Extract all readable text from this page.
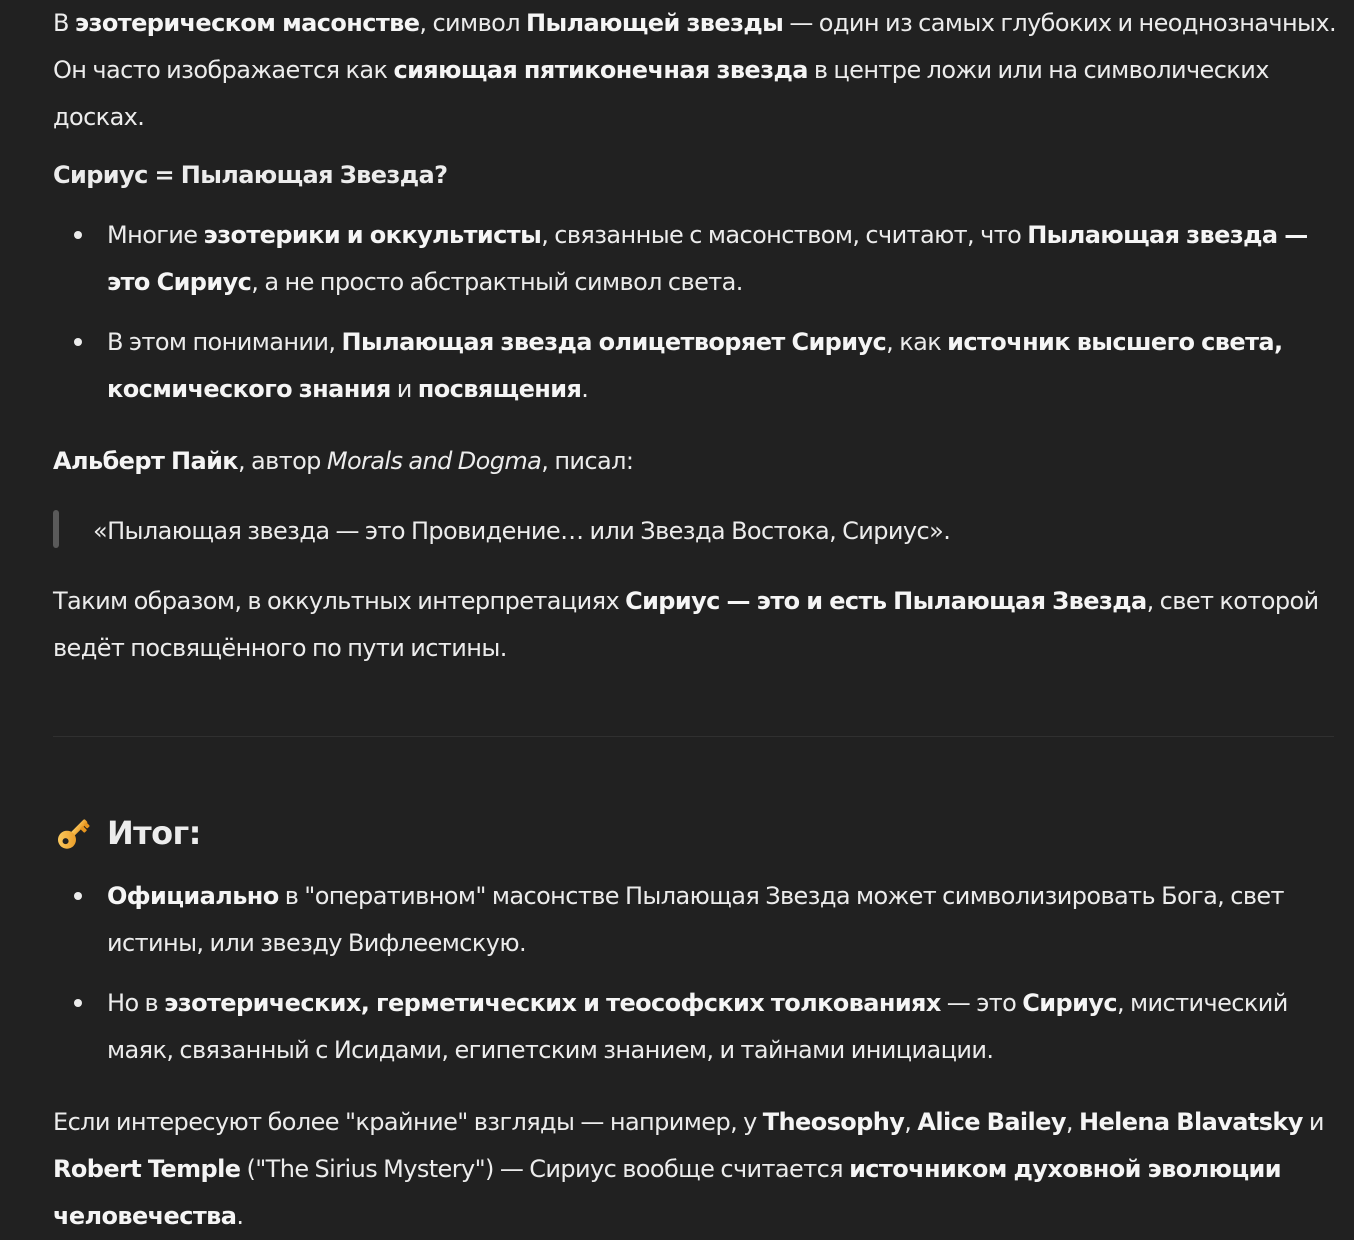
В эзотерическом масонстве, символ Пылающей звезды — один из самых глубоких и неоднозначных. Он часто изображается как сияющая пятиконечная звезда в центре ложи или на символических досках.

Сириус = Пылающая Звезда?

Многие эзотерики и оккультисты, связанные с масонством, считают, что Пылающая звезда — это Сириус, а не просто абстрактный символ света.
В этом понимании, Пылающая звезда олицетворяет Сириус, как источник высшего света, космического знания и посвящения.

Альберт Пайк, автор Morals and Dogma, писал:

«Пылающая звезда — это Провидение… или Звезда Востока, Сириус».

Таким образом, в оккультных интерпретациях Сириус — это и есть Пылающая Звезда, свет которой ведёт посвящённого по пути истины.

Итог:
Официально в "оперативном" масонстве Пылающая Звезда может символизировать Бога, свет истины, или звезду Вифлеемскую.
Но в эзотерических, герметических и теософских толкованиях — это Сириус, мистический маяк, связанный с Исидами, египетским знанием, и тайнами инициации.

Если интересуют более "крайние" взгляды — например, у Theosophy, Alice Bailey, Helena Blavatsky и Robert Temple ("The Sirius Mystery") — Сириус вообще считается источником духовной эволюции человечества.
